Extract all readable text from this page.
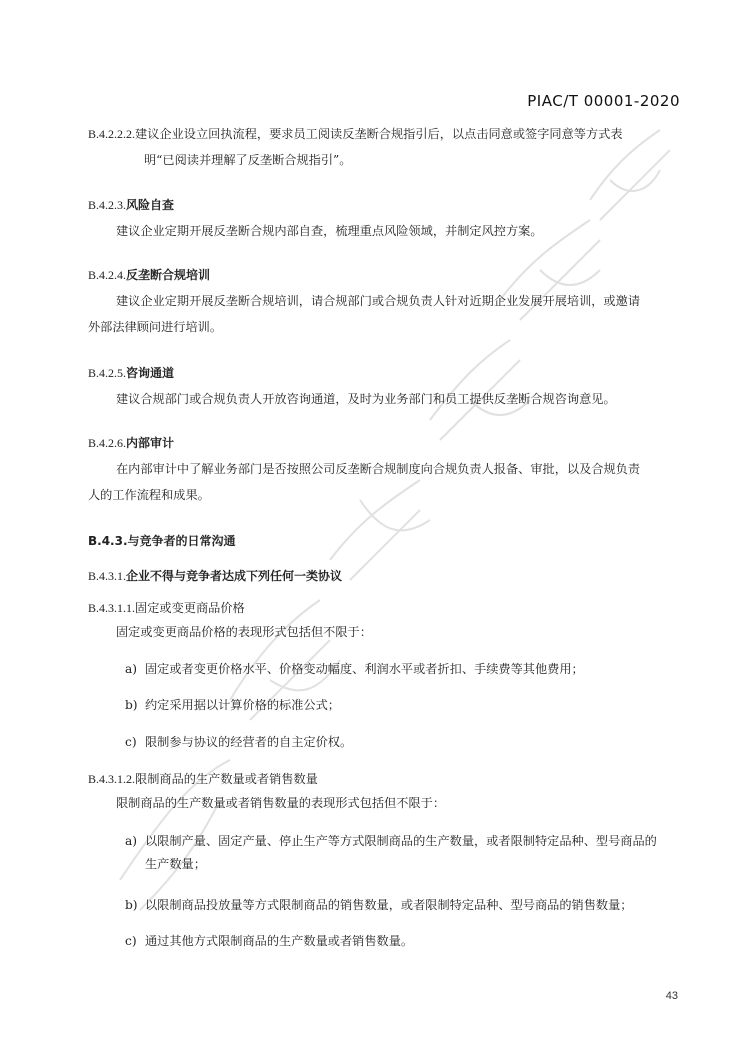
PIAC/T 00001-2020
B.4.2.2.2.建议企业设立回执流程，要求员工阅读反垄断合规指引后，以点击同意或签字同意等方式表
明“已阅读并理解了反垄断合规指引”。
B.4.2.3.风险自查
建议企业定期开展反垄断合规内部自查，梳理重点风险领域，并制定风控方案。
B.4.2.4.反垄断合规培训
建议企业定期开展反垄断合规培训，请合规部门或合规负责人针对近期企业发展开展培训，或邀请
外部法律顾问进行培训。
B.4.2.5.咨询通道
建议合规部门或合规负责人开放咨询通道，及时为业务部门和员工提供反垄断合规咨询意见。
B.4.2.6.内部审计
在内部审计中了解业务部门是否按照公司反垄断合规制度向合规负责人报备、审批，以及合规负责
人的工作流程和成果。
B.4.3.与竞争者的日常沟通
B.4.3.1.企业不得与竞争者达成下列任何一类协议
B.4.3.1.1.固定或变更商品价格
固定或变更商品价格的表现形式包括但不限于：
a) 固定或者变更价格水平、价格变动幅度、利润水平或者折扣、手续费等其他费用；
b) 约定采用据以计算价格的标准公式；
c) 限制参与协议的经营者的自主定价权。
B.4.3.1.2.限制商品的生产数量或者销售数量
限制商品的生产数量或者销售数量的表现形式包括但不限于：
a) 以限制产量、固定产量、停止生产等方式限制商品的生产数量，或者限制特定品种、型号商品的
生产数量；
b) 以限制商品投放量等方式限制商品的销售数量，或者限制特定品种、型号商品的销售数量；
c) 通过其他方式限制商品的生产数量或者销售数量。
43
